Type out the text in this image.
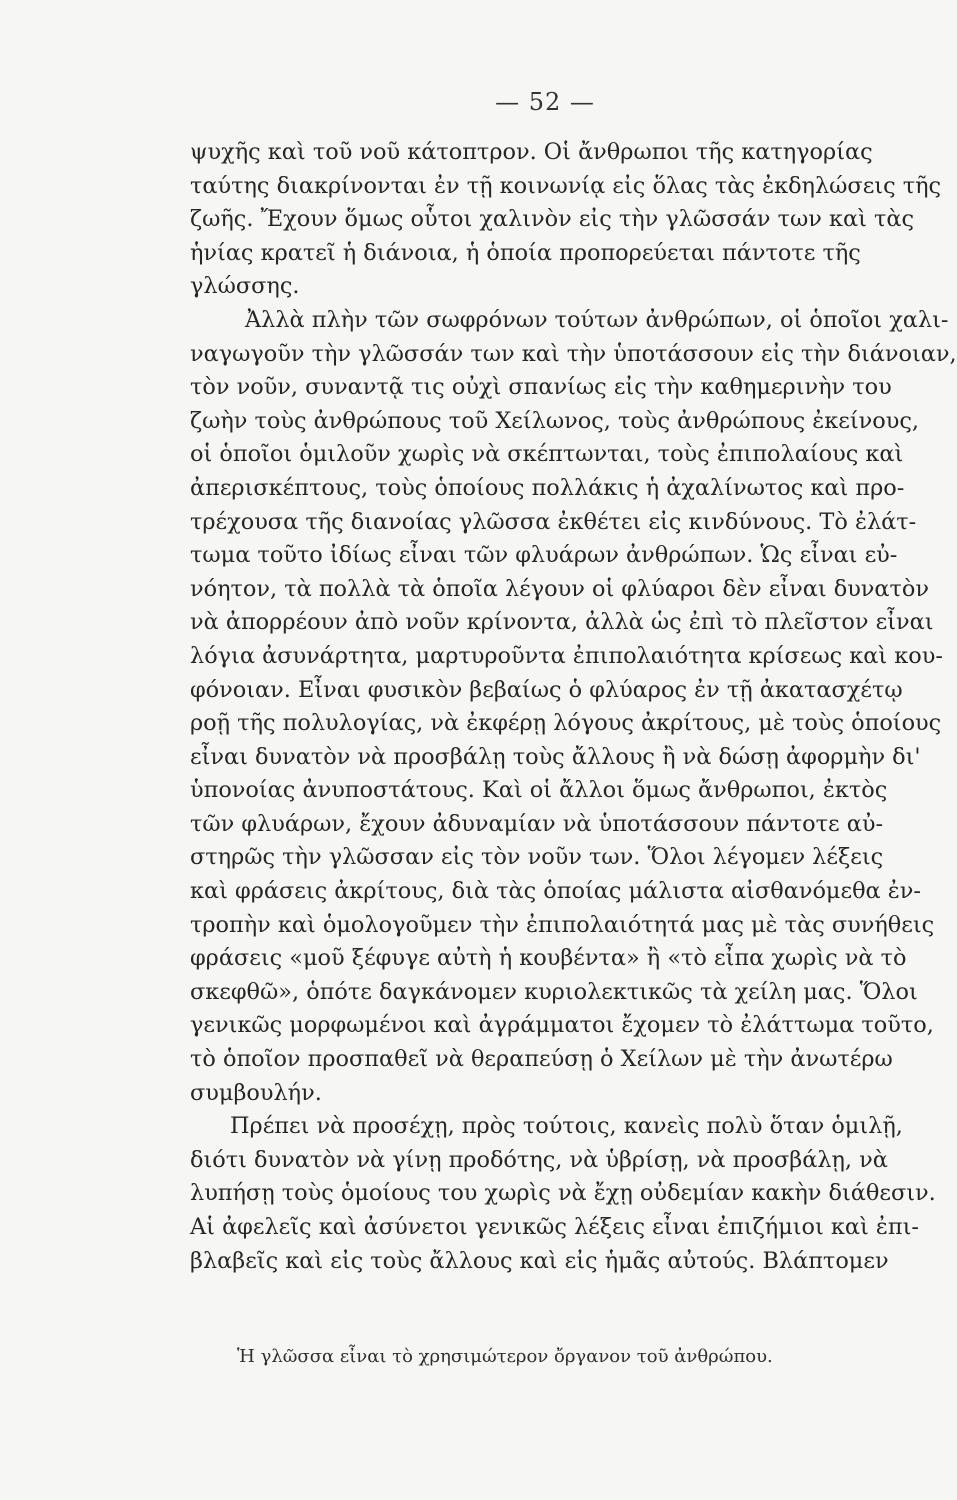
— 52 —
ψυχῆς καὶ τοῦ νοῦ κάτοπτρον. Οἱ ἄνθρωποι τῆς κατηγορίας
ταύτης διακρίνονται ἐν τῇ κοινωνίᾳ εἰς ὅλας τὰς ἐκδηλώσεις τῆς
ζωῆς. Ἔχουν ὅμως οὗτοι χαλινὸν εἰς τὴν γλῶσσάν των καὶ τὰς
ἡνίας κρατεῖ ἡ διάνοια, ἡ ὁποία προπορεύεται πάντοτε τῆς
γλώσσης.
Ἀλλὰ πλὴν τῶν σωφρόνων τούτων ἀνθρώπων, οἱ ὁποῖοι χαλι-
ναγωγοῦν τὴν γλῶσσάν των καὶ τὴν ὑποτάσσουν εἰς τὴν διάνοιαν,
τὸν νοῦν, συναντᾷ τις οὐχὶ σπανίως εἰς τὴν καθημερινὴν του
ζωὴν τοὺς ἀνθρώπους τοῦ Χείλωνος, τοὺς ἀνθρώπους ἐκείνους,
οἱ ὁποῖοι ὁμιλοῦν χωρὶς νὰ σκέπτωνται, τοὺς ἐπιπολαίους καὶ
ἀπερισκέπτους, τοὺς ὁποίους πολλάκις ἡ ἀχαλίνωτος καὶ προ-
τρέχουσα τῆς διανοίας γλῶσσα ἐκθέτει εἰς κινδύνους. Τὸ ἐλάτ-
τωμα τοῦτο ἰδίως εἶναι τῶν φλυάρων ἀνθρώπων. Ὡς εἶναι εὐ-
νόητον, τὰ πολλὰ τὰ ὁποῖα λέγουν οἱ φλύαροι δὲν εἶναι δυνατὸν
νὰ ἀπορρέουν ἀπὸ νοῦν κρίνοντα, ἀλλὰ ὡς ἐπὶ τὸ πλεῖστον εἶναι
λόγια ἀσυνάρτητα, μαρτυροῦντα ἐπιπολαιότητα κρίσεως καὶ κου-
φόνοιαν. Εἶναι φυσικὸν βεβαίως ὁ φλύαρος ἐν τῇ ἀκατασχέτῳ
ροῇ τῆς πολυλογίας, νὰ ἐκφέρῃ λόγους ἀκρίτους, μὲ τοὺς ὁποίους
εἶναι δυνατὸν νὰ προσβάλῃ τοὺς ἄλλους ἢ νὰ δώσῃ ἀφορμὴν δι'
ὑπονοίας ἀνυποστάτους. Καὶ οἱ ἄλλοι ὅμως ἄνθρωποι, ἐκτὸς
τῶν φλυάρων, ἔχουν ἀδυναμίαν νὰ ὑποτάσσουν πάντοτε αὐ-
στηρῶς τὴν γλῶσσαν εἰς τὸν νοῦν των. Ὅλοι λέγομεν λέξεις
καὶ φράσεις ἀκρίτους, διὰ τὰς ὁποίας μάλιστα αἰσθανόμεθα ἐν-
τροπὴν καὶ ὁμολογοῦμεν τὴν ἐπιπολαιότητά μας μὲ τὰς συνήθεις
φράσεις «μοῦ ξέφυγε αὐτὴ ἡ κουβέντα» ἢ «τὸ εἶπα χωρὶς νὰ τὸ
σκεφθῶ», ὁπότε δαγκάνομεν κυριολεκτικῶς τὰ χείλη μας. Ὅλοι
γενικῶς μορφωμένοι καὶ ἀγράμματοι ἔχομεν τὸ ἐλάττωμα τοῦτο,
τὸ ὁποῖον προσπαθεῖ νὰ θεραπεύσῃ ὁ Χείλων μὲ τὴν ἀνωτέρω
συμβουλήν.
Πρέπει νὰ προσέχῃ, πρὸς τούτοις, κανεὶς πολὺ ὅταν ὁμιλῇ,
διότι δυνατὸν νὰ γίνῃ προδότης, νὰ ὑβρίσῃ, νὰ προσβάλῃ, νὰ
λυπήσῃ τοὺς ὁμοίους του χωρὶς νὰ ἔχῃ οὐδεμίαν κακὴν διάθεσιν.
Αἱ ἀφελεῖς καὶ ἀσύνετοι γενικῶς λέξεις εἶναι ἐπιζήμιοι καὶ ἐπι-
βλαβεῖς καὶ εἰς τοὺς ἄλλους καὶ εἰς ἡμᾶς αὐτούς. Βλάπτομεν
Ἡ γλῶσσα εἶναι τὸ χρησιμώτερον ὄργανον τοῦ ἀνθρώπου.
